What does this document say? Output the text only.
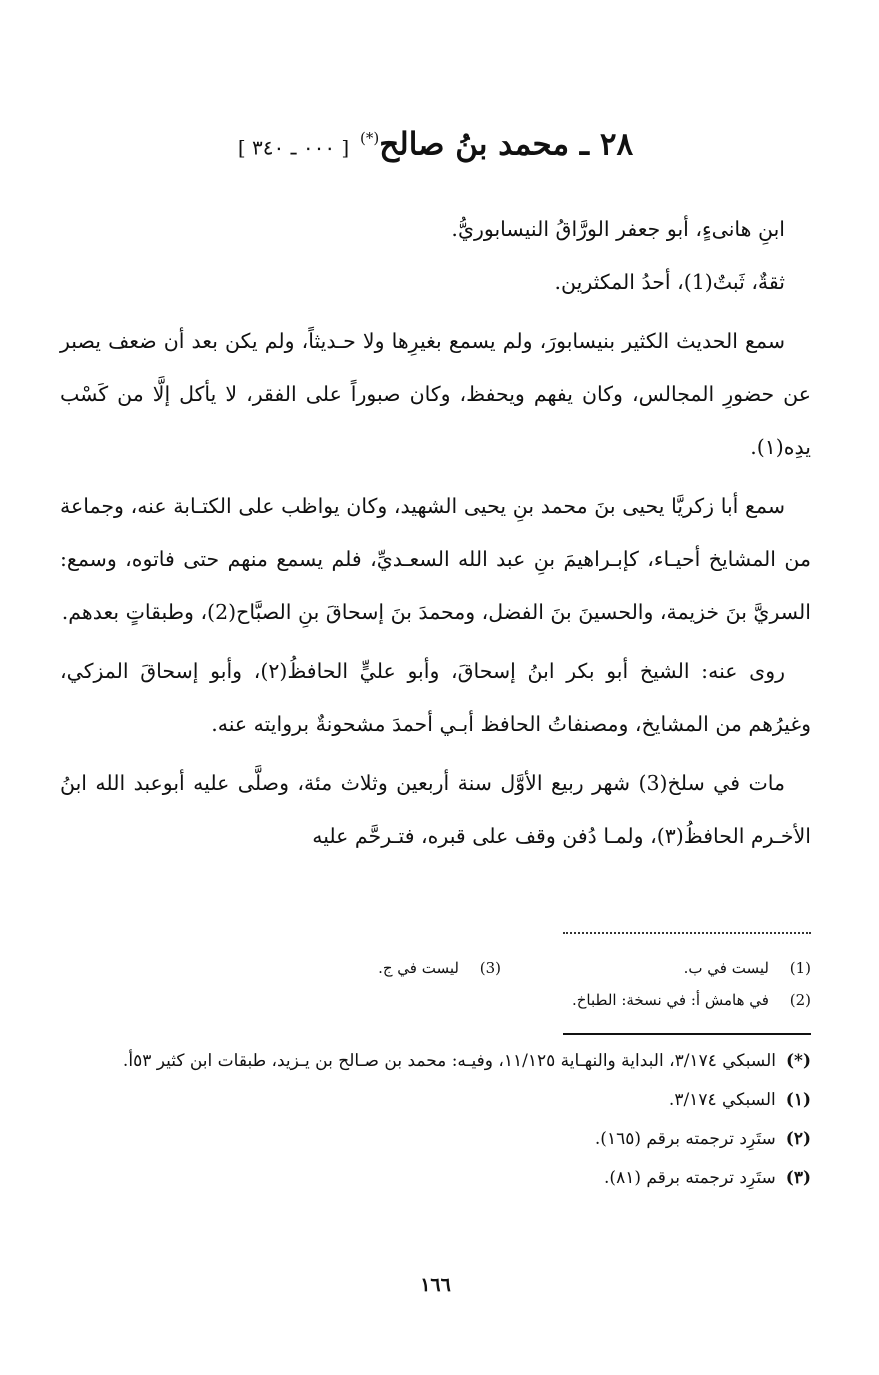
٢٨ ـ محمد بنُ صالح(*) [ ٠٠٠ ـ ٣٤٠ ]

ابنِ هانىءٍ، أبو جعفر الورَّاقُ النيسابوريُّ.

ثقةٌ، ثَبتٌ(1)، أحدُ المكثرين.

سمع الحديث الكثير بنيسابورَ، ولم يسمع بغيرِها ولا حـديثاً، ولم يكن بعد أن ضعف يصبر عن حضورِ المجالس، وكان يفهم ويحفظ، وكان صبوراً على الفقر، لا يأكل إلَّا من كَسْب يدِه(١).

سمع أبا زكريَّا يحيى بنَ محمد بنِ يحيى الشهيد، وكان يواظب على الكتـابة عنه، وجماعة من المشايخ أحيـاء، كإبـراهيمَ بنِ عبد الله السعـديِّ، فلم يسمع منهم حتى فاتوه، وسمع: السريَّ بنَ خزيمة، والحسينَ بنَ الفضل، ومحمدَ بنَ إسحاقَ بنِ الصبَّاح(2)، وطبقاتٍ بعدهم.

روى عنه: الشيخ أبو بكر ابنُ إسحاقَ، وأبو عليٍّ الحافظُ(٢)، وأبو إسحاقَ المزكي، وغيرُهم من المشايخ، ومصنفاتُ الحافظ أبـي أحمدَ مشحونةٌ بروايته عنه.

مات في سلخ(3) شهر ربيع الأوَّل سنة أربعين وثلاث مئة، وصلَّى عليه أبوعبد الله ابنُ الأخـرم الحافظُ(٣)، ولمـا دُفن وقف على قبره، فتـرحَّم عليه

(1) ليست في ب.
(3) ليست في ج.
(2) في هامش أ: في نسخة: الطباخ.

(*)السبكي ٣/١٧٤، البداية والنهـاية ١١/١٢٥، وفيـه: محمد بن صـالح بن يـزيد، طبقات ابن كثير ٥٣أ.

(١)السبكي ٣/١٧٤.

(٢)ستَرِد ترجمته برقم (١٦٥).

(٣)ستَرِد ترجمته برقم (٨١).

١٦٦
